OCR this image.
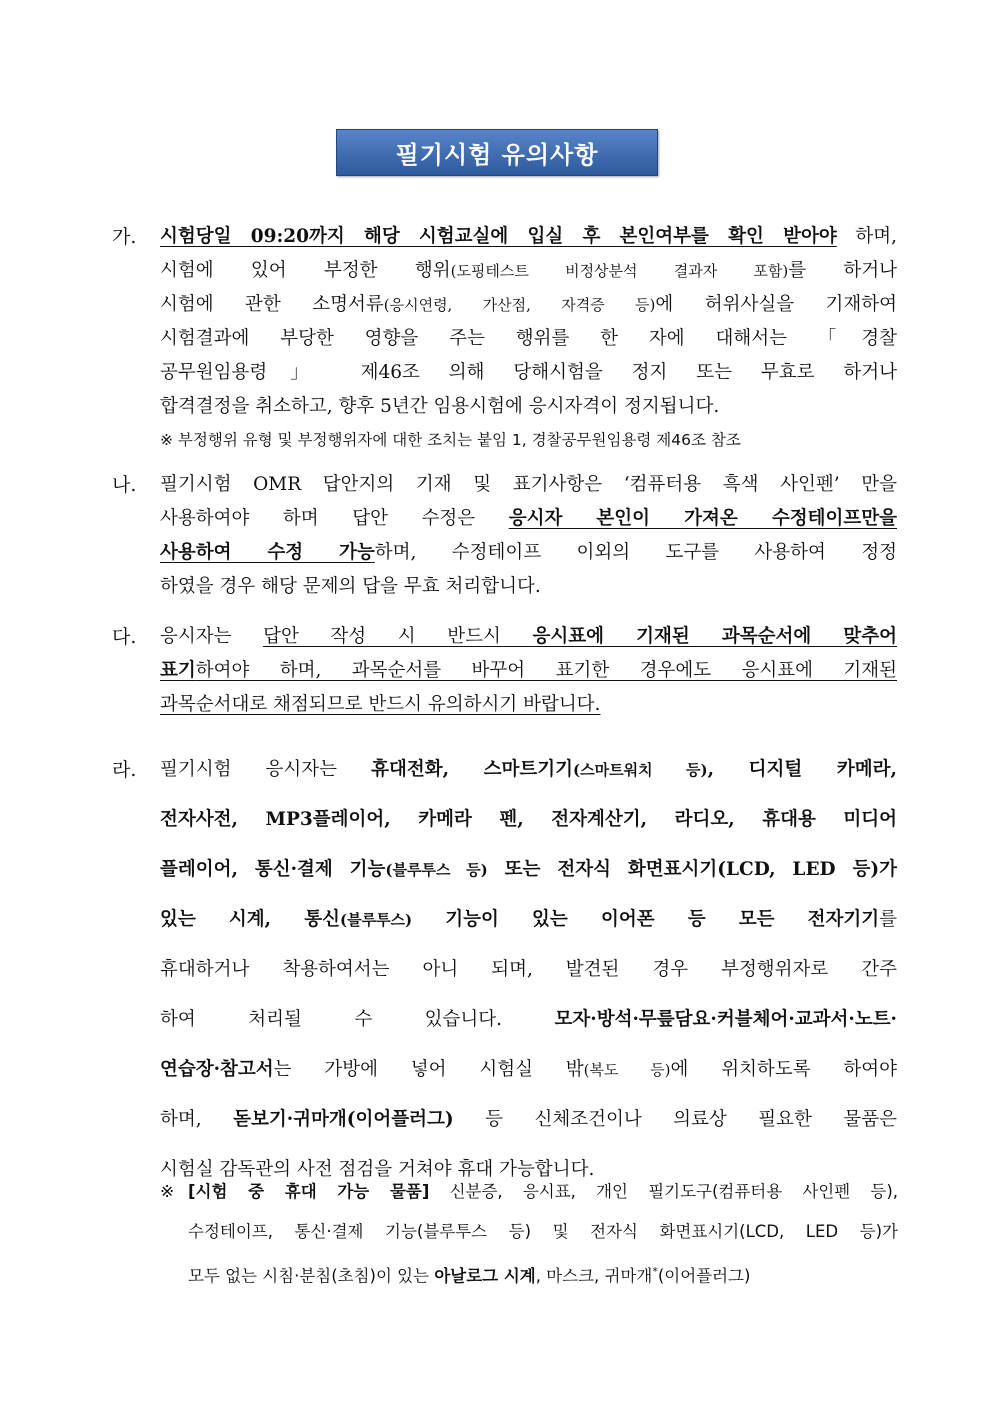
필기시험 유의사항
가. 시험당일 09:20까지 해당 시험교실에 입실 후 본인여부를 확인 받아야 하며,
시험에 있어 부정한 행위(도핑테스트 비정상분석 결과자 포함)를 하거나
시험에 관한 소명서류(응시연령, 가산점, 자격증 등)에 허위사실을 기재하여
시험결과에 부당한 영향을 주는 행위를 한 자에 대해서는 「경찰
공무원임용령」 제46조 의해 당해시험을 정지 또는 무효로 하거나
합격결정을 취소하고, 향후 5년간 임용시험에 응시자격이 정지됩니다.
※ 부정행위 유형 및 부정행위자에 대한 조치는 붙임 1, 경찰공무원임용령 제46조 참조
나. 필기시험 OMR 답안지의 기재 및 표기사항은 ‘컴퓨터용 흑색 사인펜’ 만을
사용하여야 하며 답안 수정은 응시자 본인이 가져온 수정테이프만을
사용하여 수정 가능하며, 수정테이프 이외의 도구를 사용하여 정정
하였을 경우 해당 문제의 답을 무효 처리합니다.
다. 응시자는 답안 작성 시 반드시 응시표에 기재된 과목순서에 맞추어
표기하여야 하며, 과목순서를 바꾸어 표기한 경우에도 응시표에 기재된
과목순서대로 채점되므로 반드시 유의하시기 바랍니다.
라. 필기시험 응시자는 휴대전화, 스마트기기(스마트워치 등), 디지털 카메라,
전자사전, MP3플레이어, 카메라 펜, 전자계산기, 라디오, 휴대용 미디어
플레이어, 통신·결제 기능(블루투스 등) 또는 전자식 화면표시기(LCD, LED 등)가
있는 시계, 통신(블루투스) 기능이 있는 이어폰 등 모든 전자기기를
휴대하거나 착용하여서는 아니 되며, 발견된 경우 부정행위자로 간주
하여 처리될 수 있습니다. 모자·방석·무릎담요·커블체어·교과서·노트·
연습장·참고서는 가방에 넣어 시험실 밖(복도 등)에 위치하도록 하여야
하며, 돋보기·귀마개(이어플러그) 등 신체조건이나 의료상 필요한 물품은
시험실 감독관의 사전 점검을 거쳐야 휴대 가능합니다.
※ [시험 중 휴대 가능 물품] 신분증, 응시표, 개인 필기도구(컴퓨터용 사인펜 등),
수정테이프, 통신·결제 기능(블루투스 등) 및 전자식 화면표시기(LCD, LED 등)가
모두 없는 시침·분침(초침)이 있는 아날로그 시계, 마스크, 귀마개*(이어플러그)
